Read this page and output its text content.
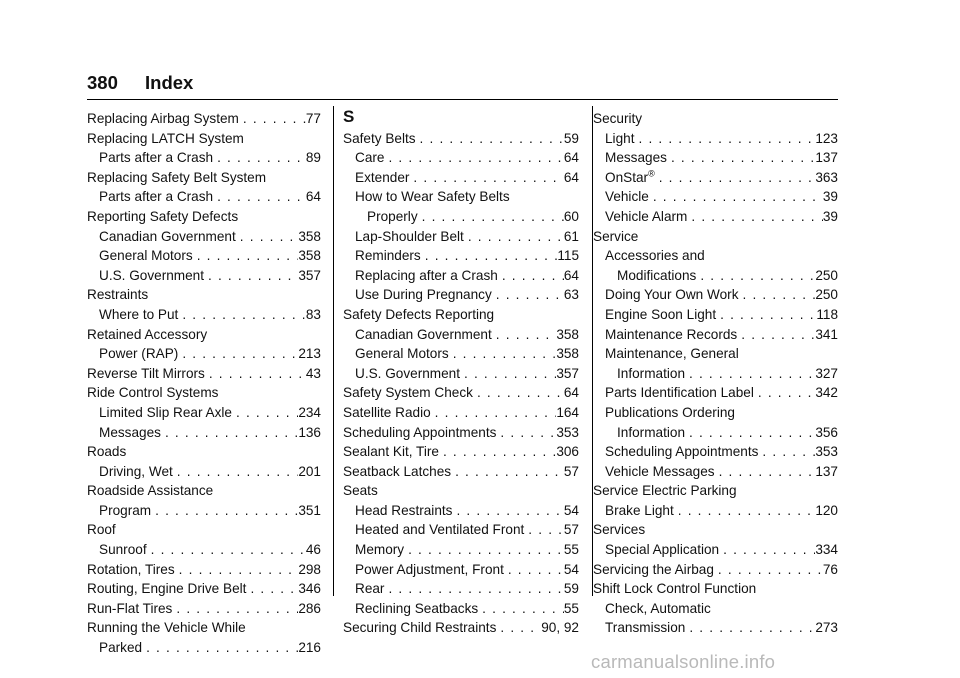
380 Index
Replacing Airbag System . . .	77
Replacing LATCH System
Parts after a Crash . . .	89
Replacing Safety Belt System
Parts after a Crash . . .	64
Reporting Safety Defects
Canadian Government . . .	358
General Motors . . .	358
U.S. Government . . .	357
Restraints
Where to Put . . .	83
Retained Accessory
Power (RAP) . . .	213
Reverse Tilt Mirrors . . .	43
Ride Control Systems
Limited Slip Rear Axle . . .	234
Messages . . .	136
Roads
Driving, Wet . . .	201
Roadside Assistance
Program . . .	351
Roof
Sunroof . . .	46
Rotation, Tires . . .	298
Routing, Engine Drive Belt . . .	346
Run-Flat Tires . . .	286
Running the Vehicle While
Parked . . .	216
S
Safety Belts . . .	59
Care . . .	64
Extender . . .	64
How to Wear Safety Belts
Properly . . .	60
Lap-Shoulder Belt . . .	61
Reminders . . .	115
Replacing after a Crash . . .	64
Use During Pregnancy . . .	63
Safety Defects Reporting
Canadian Government . . .	358
General Motors . . .	358
U.S. Government . . .	357
Safety System Check . . .	64
Satellite Radio . . .	164
Scheduling Appointments . . .	353
Sealant Kit, Tire . . .	306
Seatback Latches . . .	57
Seats
Head Restraints . . .	54
Heated and Ventilated Front . . .	57
Memory . . .	55
Power Adjustment, Front . . .	54
Rear . . .	59
Reclining Seatbacks . . .	55
Securing Child Restraints . . .	90, 92
Security
Light . . .	123
Messages . . .	137
OnStar® . . .	363
Vehicle . . .	39
Vehicle Alarm . . .	39
Service
Accessories and
Modifications . . .	250
Doing Your Own Work . . .	250
Engine Soon Light . . .	118
Maintenance Records . . .	341
Maintenance, General
Information . . .	327
Parts Identification Label . . .	342
Publications Ordering
Information . . .	356
Scheduling Appointments . . .	353
Vehicle Messages . . .	137
Service Electric Parking
Brake Light . . .	120
Services
Special Application . . .	334
Servicing the Airbag . . .	76
Shift Lock Control Function
Check, Automatic
Transmission . . .	273
carmanualsonline.info
